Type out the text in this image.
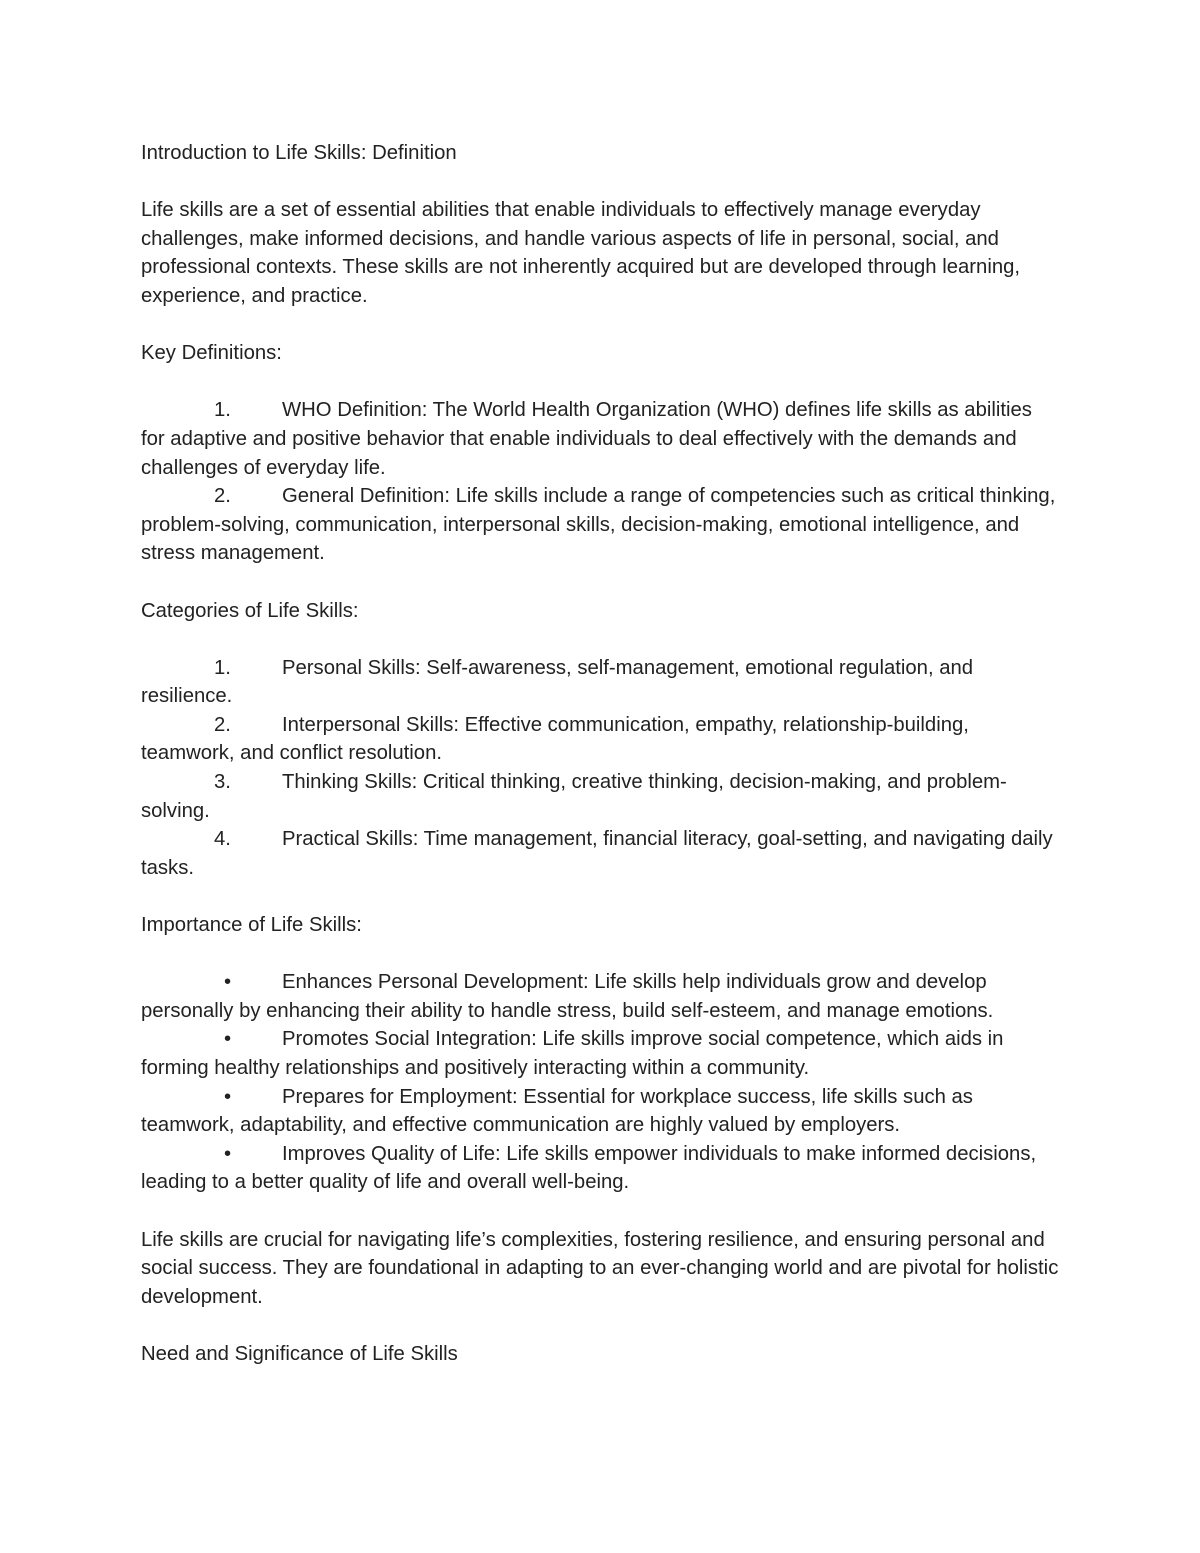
Introduction to Life Skills: Definition

Life skills are a set of essential abilities that enable individuals to effectively manage everyday challenges, make informed decisions, and handle various aspects of life in personal, social, and professional contexts. These skills are not inherently acquired but are developed through learning, experience, and practice.

Key Definitions:

1.	WHO Definition: The World Health Organization (WHO) defines life skills as abilities for adaptive and positive behavior that enable individuals to deal effectively with the demands and challenges of everyday life.

2.	General Definition: Life skills include a range of competencies such as critical thinking, problem-solving, communication, interpersonal skills, decision-making, emotional intelligence, and stress management.

Categories of Life Skills:

1.	Personal Skills: Self-awareness, self-management, emotional regulation, and resilience.

2.	Interpersonal Skills: Effective communication, empathy, relationship-building, teamwork, and conflict resolution.

3.	Thinking Skills: Critical thinking, creative thinking, decision-making, and problem-solving.

4.	Practical Skills: Time management, financial literacy, goal-setting, and navigating daily tasks.

Importance of Life Skills:

•	Enhances Personal Development: Life skills help individuals grow and develop personally by enhancing their ability to handle stress, build self-esteem, and manage emotions.

•	Promotes Social Integration: Life skills improve social competence, which aids in forming healthy relationships and positively interacting within a community.

•	Prepares for Employment: Essential for workplace success, life skills such as teamwork, adaptability, and effective communication are highly valued by employers.

•	Improves Quality of Life: Life skills empower individuals to make informed decisions, leading to a better quality of life and overall well-being.

Life skills are crucial for navigating life’s complexities, fostering resilience, and ensuring personal and social success. They are foundational in adapting to an ever-changing world and are pivotal for holistic development.

Need and Significance of Life Skills
